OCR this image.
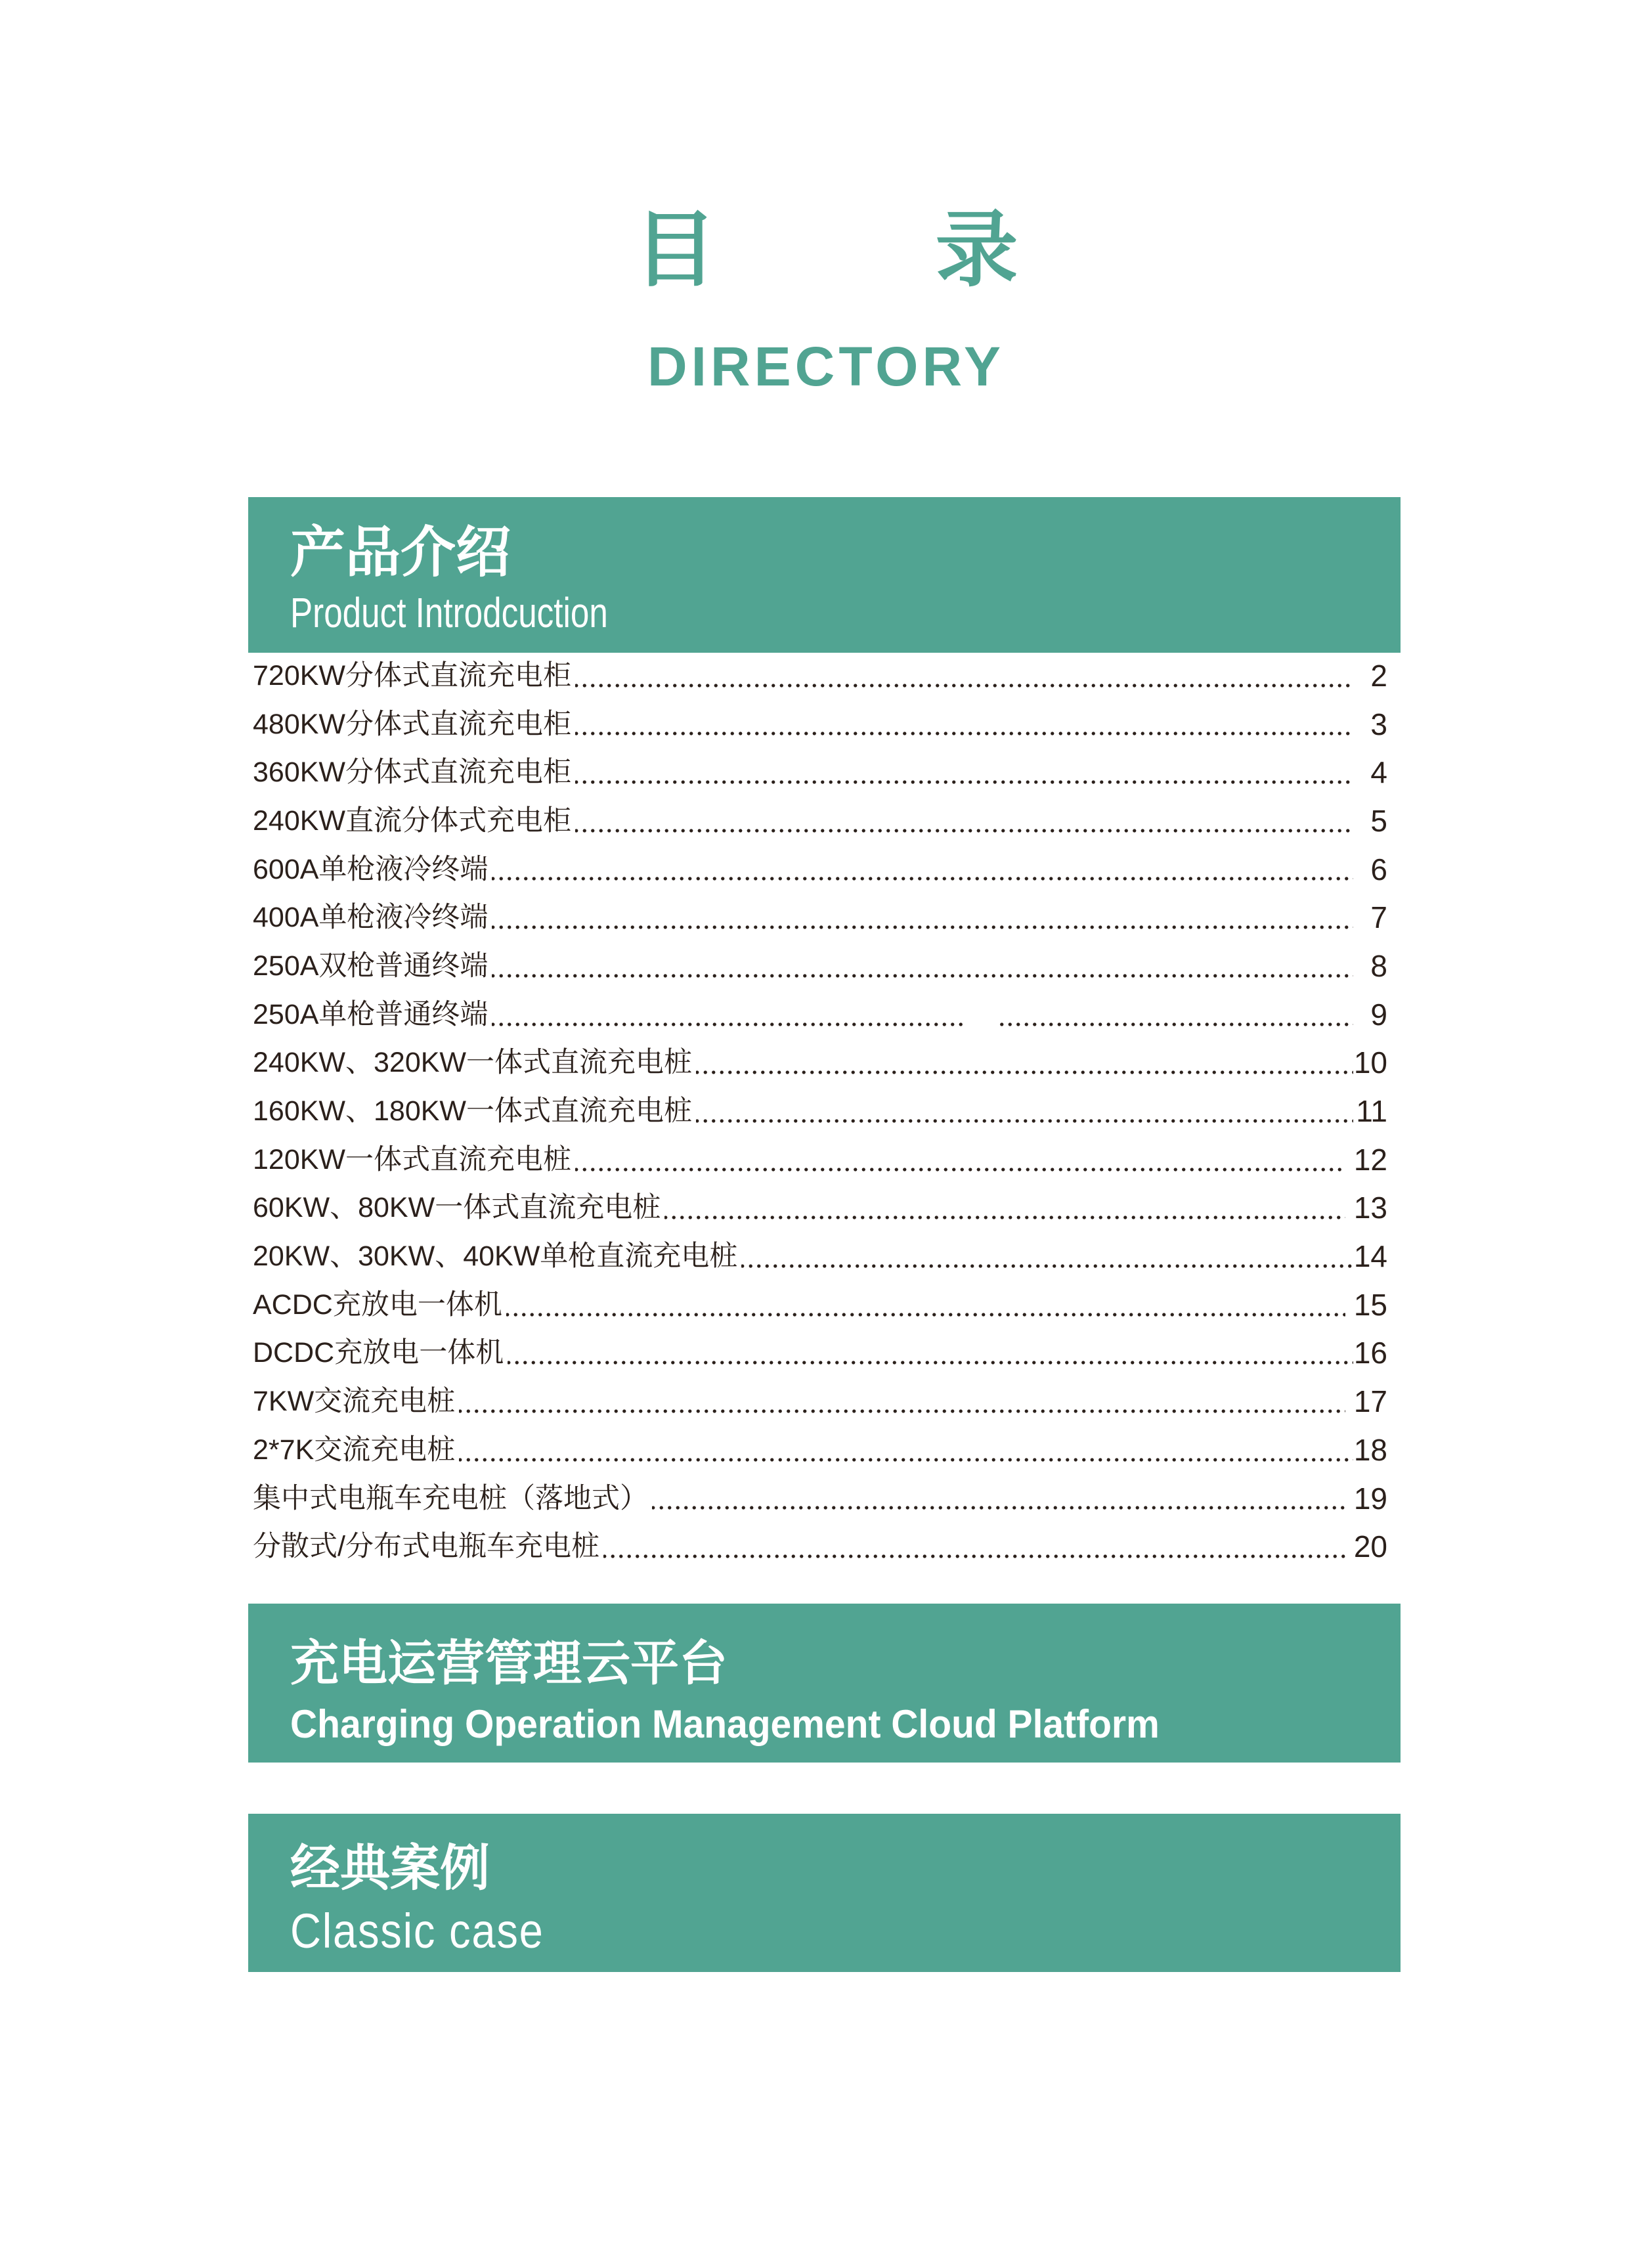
目	录
DIRECTORY
产品介绍
Product Introdcuction
720KW分体式直流充电柜	2
480KW分体式直流充电柜	3
360KW分体式直流充电柜	4
240KW直流分体式充电柜	5
600A单枪液冷终端	6
400A单枪液冷终端	7
250A双枪普通终端	8
250A单枪普通终端	9
240KW、320KW一体式直流充电桩	10
160KW、180KW一体式直流充电桩	11
120KW一体式直流充电桩	12
60KW、80KW一体式直流充电桩	13
20KW、30KW、40KW单枪直流充电桩	14
ACDC充放电一体机	15
DCDC充放电一体机	16
7KW交流充电桩	17
2*7K交流充电桩	18
集中式电瓶车充电桩（落地式）	19
分散式/分布式电瓶车充电桩	20
充电运营管理云平台
Charging Operation Management Cloud Platform
经典案例
Classic case
